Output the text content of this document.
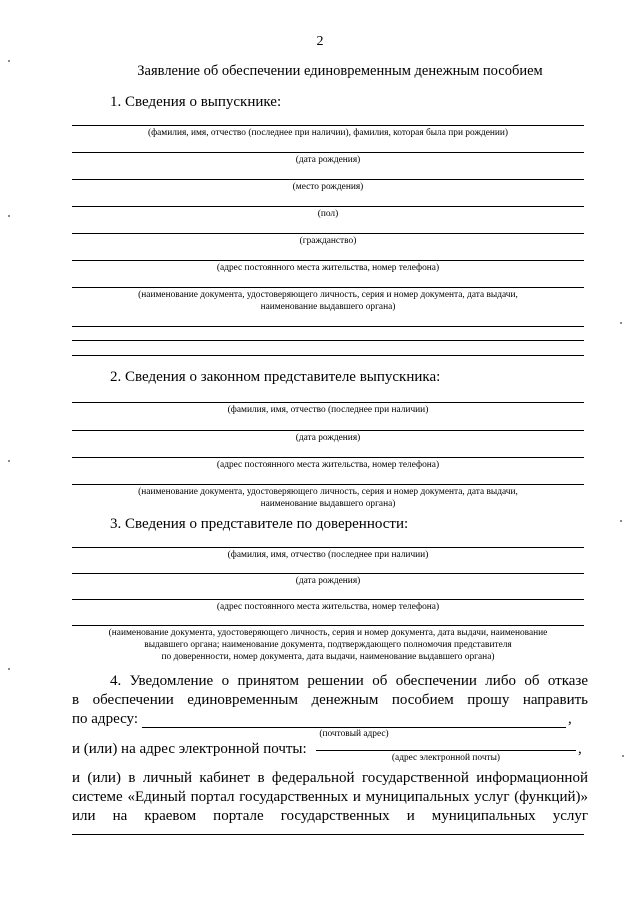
2
Заявление об обеспечении единовременным денежным пособием
1. Сведения о выпускнике:
(фамилия, имя, отчество (последнее при наличии), фамилия, которая была при рождении)
(дата рождения)
(место рождения)
(пол)
(гражданство)
(адрес постоянного места жительства, номер телефона)
(наименование документа, удостоверяющего личность, серия и номер документа, дата выдачи,
наименование выдавшего органа)
2. Сведения о законном представителе выпускника:
(фамилия, имя, отчество (последнее при наличии)
(дата рождения)
(адрес постоянного места жительства, номер телефона)
(наименование документа, удостоверяющего личность, серия и номер документа, дата выдачи,
наименование выдавшего органа)
3. Сведения о представителе по доверенности:
(фамилия, имя, отчество (последнее при наличии)
(дата рождения)
(адрес постоянного места жительства, номер телефона)
(наименование документа, удостоверяющего личность, серия и номер документа, дата выдачи, наименование
выдавшего органа; наименование документа, подтверждающего полномочия представителя
по доверенности, номер документа, дата выдачи, наименование выдавшего органа)
4. Уведомление о принятом решении об обеспечении либо об отказе
в обеспечении единовременным денежным пособием прошу направить
по адресу:	,
(почтовый адрес)
и (или) на адрес электронной почты:	,
(адрес электронной почты)
и (или) в личный кабинет в федеральной государственной информационной
системе «Единый портал государственных и муниципальных услуг (функций)»
или на краевом портале государственных и муниципальных услуг
